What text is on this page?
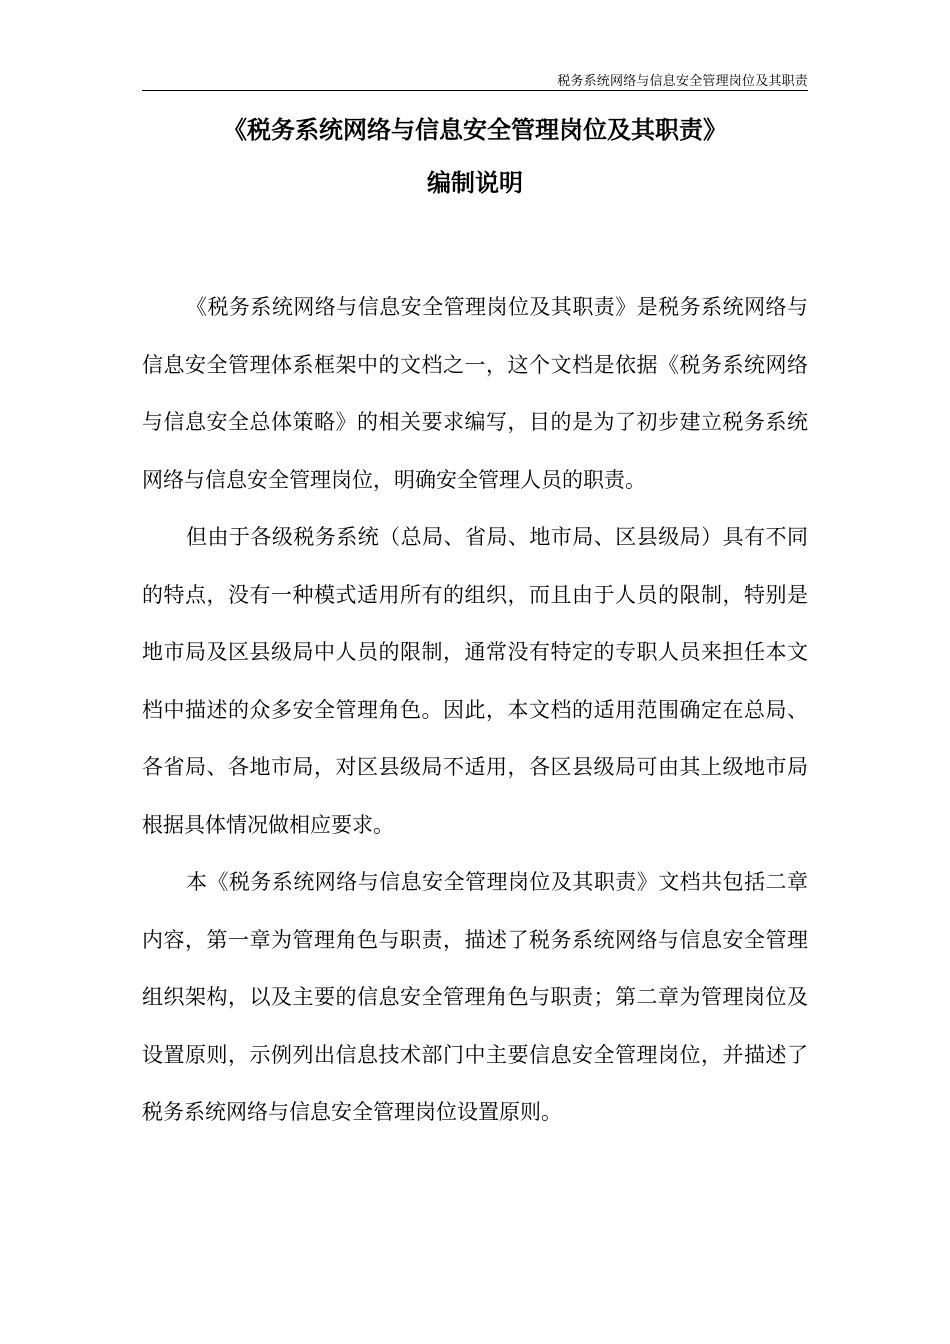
税务系统网络与信息安全管理岗位及其职责
《税务系统网络与信息安全管理岗位及其职责》
编制说明

《税务系统网络与信息安全管理岗位及其职责》是税务系统网络与信息安全管理体系框架中的文档之一，这个文档是依据《税务系统网络与信息安全总体策略》的相关要求编写，目的是为了初步建立税务系统网络与信息安全管理岗位，明确安全管理人员的职责。

但由于各级税务系统（总局、省局、地市局、区县级局）具有不同的特点，没有一种模式适用所有的组织，而且由于人员的限制，特别是地市局及区县级局中人员的限制，通常没有特定的专职人员来担任本文档中描述的众多安全管理角色。因此，本文档的适用范围确定在总局、各省局、各地市局，对区县级局不适用，各区县级局可由其上级地市局根据具体情况做相应要求。

本《税务系统网络与信息安全管理岗位及其职责》文档共包括二章内容，第一章为管理角色与职责，描述了税务系统网络与信息安全管理组织架构，以及主要的信息安全管理角色与职责；第二章为管理岗位及设置原则，示例列出信息技术部门中主要信息安全管理岗位，并描述了税务系统网络与信息安全管理岗位设置原则。
